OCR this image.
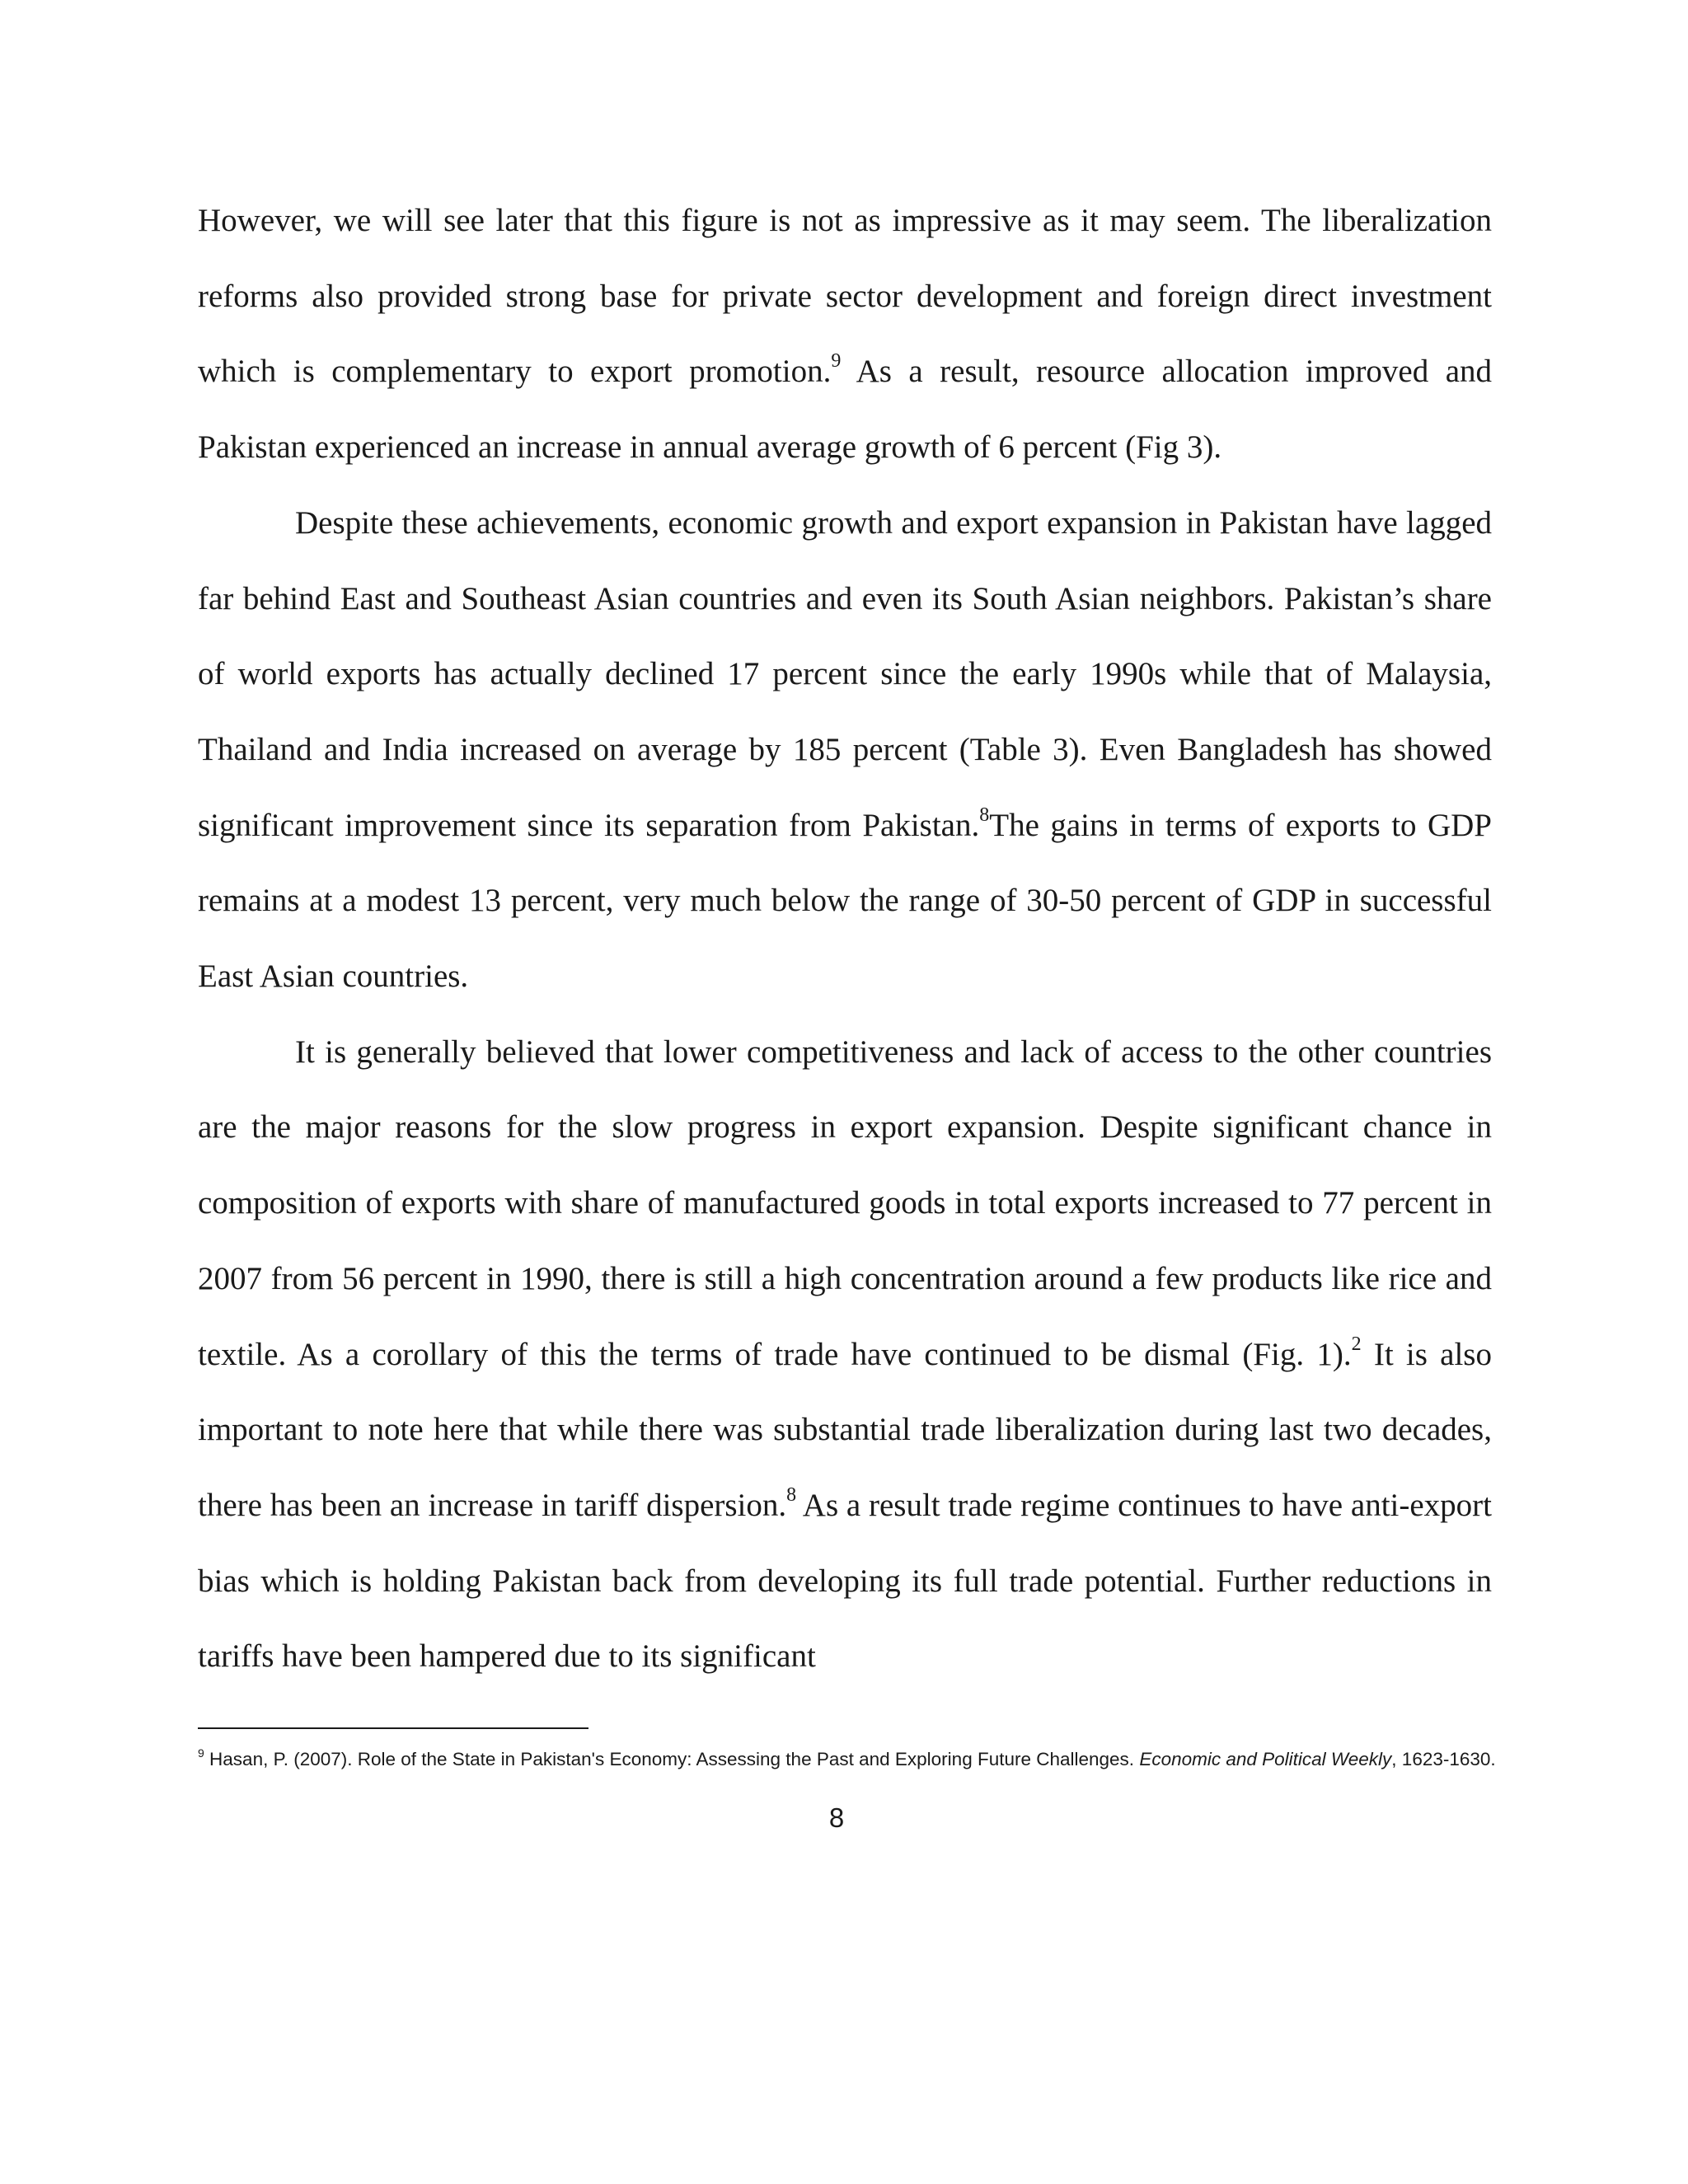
However, we will see later that this figure is not as impressive as it may seem. The liberalization reforms also provided strong base for private sector development and foreign direct investment which is complementary to export promotion.$^9$ As a result, resource allocation improved and Pakistan experienced an increase in annual average growth of 6 percent (Fig 3).

Despite these achievements, economic growth and export expansion in Pakistan have lagged far behind East and Southeast Asian countries and even its South Asian neighbors. Pakistan’s share of world exports has actually declined 17 percent since the early 1990s while that of Malaysia, Thailand and India increased on average by 185 percent (Table 3). Even Bangladesh has showed significant improvement since its separation from Pakistan.$^8$The gains in terms of exports to GDP remains at a modest 13 percent, very much below the range of 30-50 percent of GDP in successful East Asian countries.

It is generally believed that lower competitiveness and lack of access to the other countries are the major reasons for the slow progress in export expansion. Despite significant chance in composition of exports with share of manufactured goods in total exports increased to 77 percent in 2007 from 56 percent in 1990, there is still a high concentration around a few products like rice and textile. As a corollary of this the terms of trade have continued to be dismal (Fig. 1).$^2$ It is also important to note here that while there was substantial trade liberalization during last two decades, there has been an increase in tariff dispersion.$^8$ As a result trade regime continues to have anti-export bias which is holding Pakistan back from developing its full trade potential. Further reductions in tariffs have been hampered due to its significant

$^9$ Hasan, P. (2007). Role of the State in Pakistan's Economy: Assessing the Past and Exploring Future Challenges. Economic and Political Weekly, 1623-1630.
8
